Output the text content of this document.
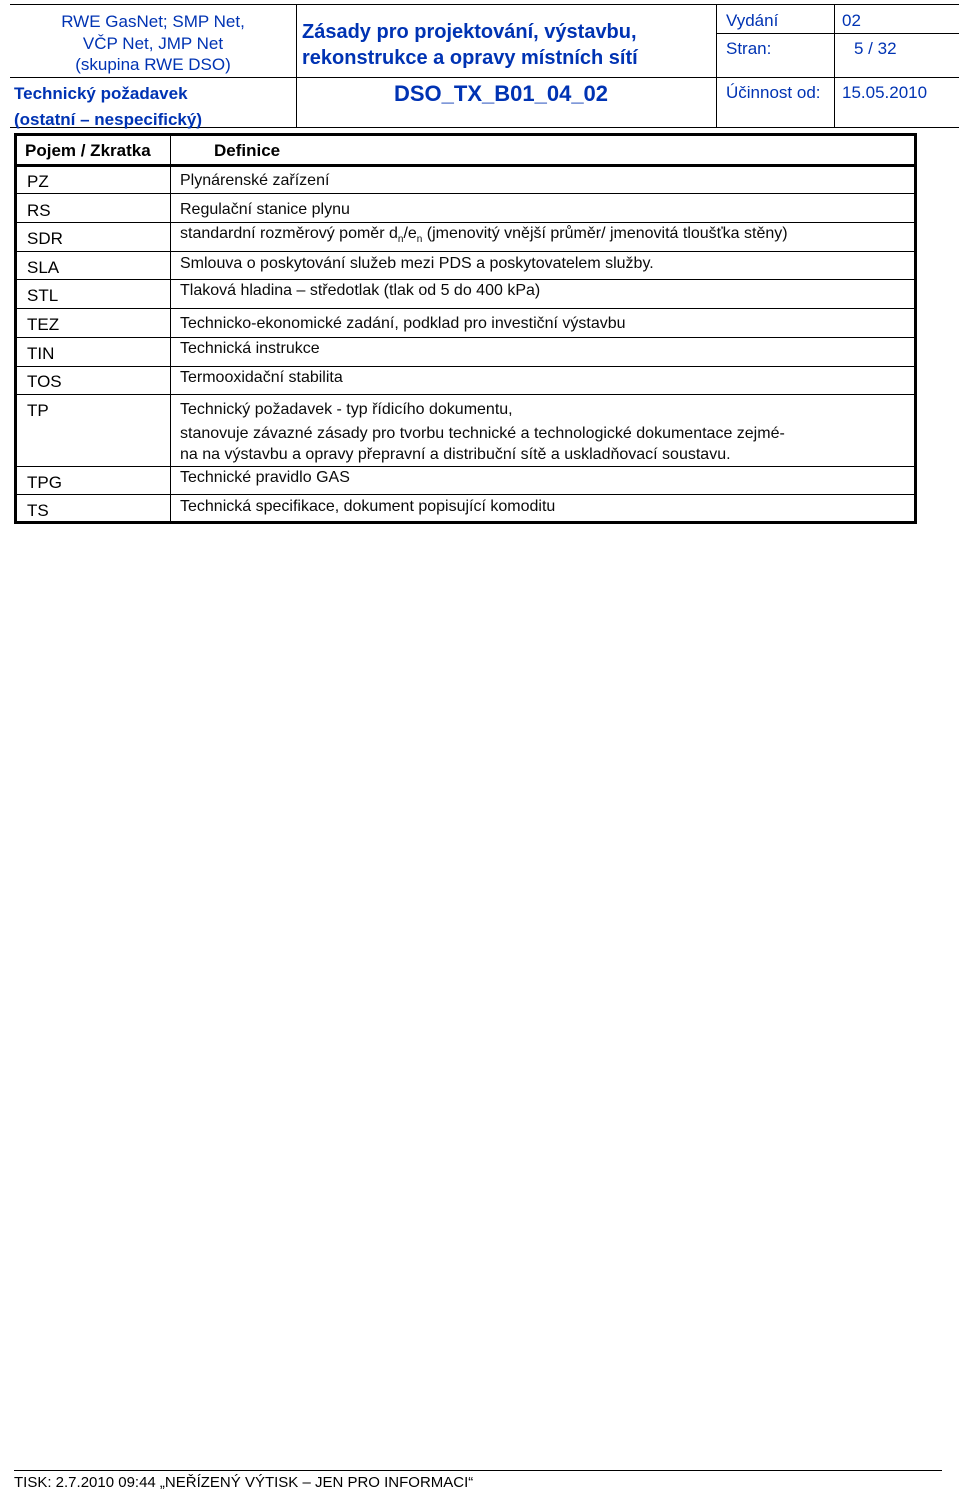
RWE GasNet; SMP Net,
VČP Net, JMP Net
(skupina RWE DSO)
Technický požadavek
(ostatní – nespecifický)
Zásady pro projektování, výstavbu,
rekonstrukce a opravy místních sítí
DSO_TX_B01_04_02
Vydání	02
Stran:	5 / 32
Účinnost od: 15.05.2010
Pojem / Zkratka	Definice
PZ	Plynárenské zařízení
RS	Regulační stanice plynu
SDR	standardní rozměrový poměr $d_n/e_n$ (jmenovitý vnější průměr/ jmenovitá tloušťka stěny)
SLA	Smlouva o poskytování služeb mezi PDS a poskytovatelem služby.
STL	Tlaková hladina – středotlak (tlak od 5 do 400 kPa)
TEZ	Technicko-ekonomické zadání, podklad pro investiční výstavbu
TIN	Technická instrukce
TOS	Termooxidační stabilita
TP	Technický požadavek - typ řídicího dokumentu,
stanovuje závazné zásady pro tvorbu technické a technologické dokumentace zejmé-
na na výstavbu a opravy přepravní a distribuční sítě a uskladňovací soustavu.
TPG	Technické pravidlo GAS
TS	Technická specifikace, dokument popisující komoditu
TISK: 2.7.2010 09:44 „NEŘÍZENÝ VÝTISK – JEN PRO INFORMACI“
